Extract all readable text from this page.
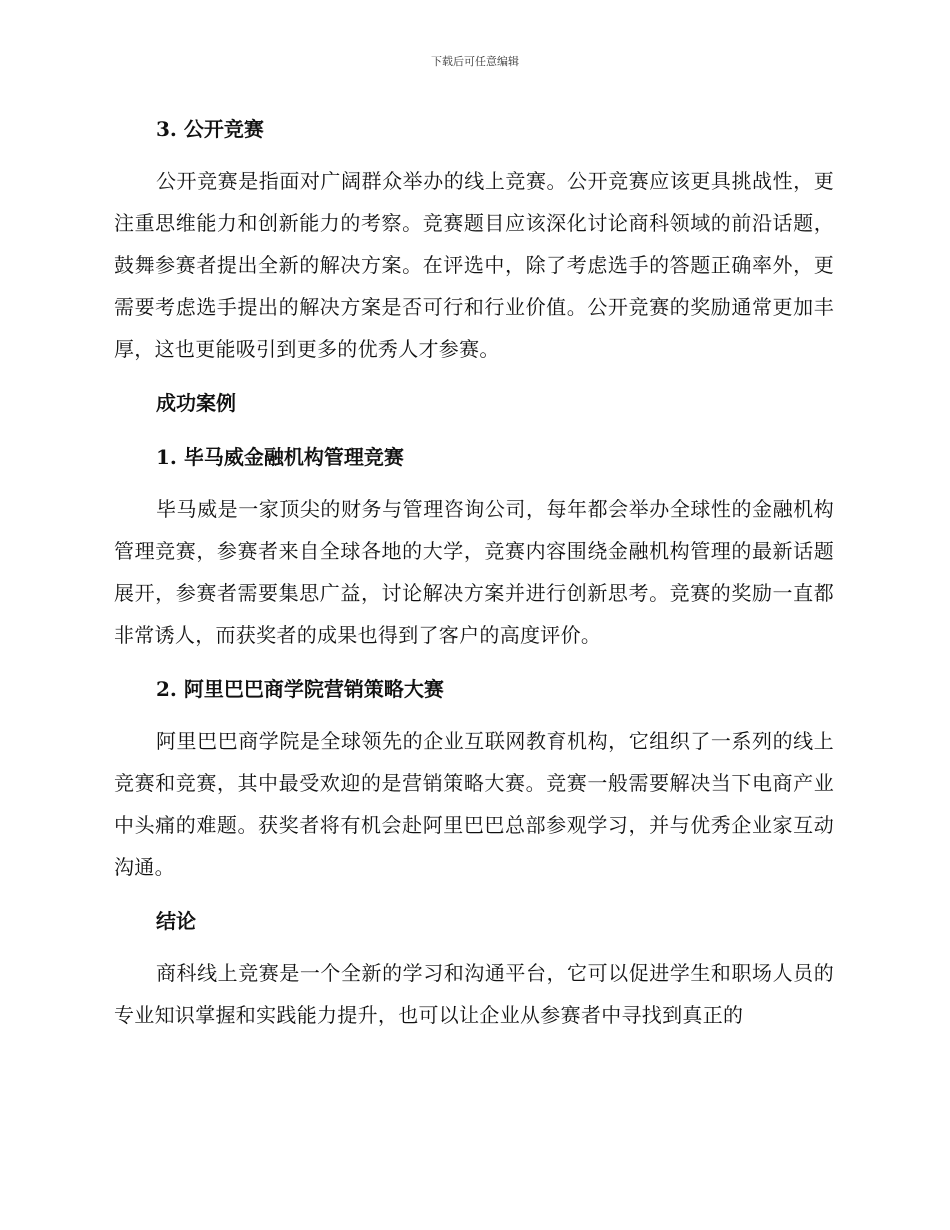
下载后可任意编辑
3. 公开竞赛

公开竞赛是指面对广阔群众举办的线上竞赛。公开竞赛应该更具挑战性，更注重思维能力和创新能力的考察。竞赛题目应该深化讨论商科领域的前沿话题，鼓舞参赛者提出全新的解决方案。在评选中，除了考虑选手的答题正确率外，更需要考虑选手提出的解决方案是否可行和行业价值。公开竞赛的奖励通常更加丰厚，这也更能吸引到更多的优秀人才参赛。

成功案例
1. 毕马威金融机构管理竞赛

毕马威是一家顶尖的财务与管理咨询公司，每年都会举办全球性的金融机构管理竞赛，参赛者来自全球各地的大学，竞赛内容围绕金融机构管理的最新话题展开，参赛者需要集思广益，讨论解决方案并进行创新思考。竞赛的奖励一直都非常诱人，而获奖者的成果也得到了客户的高度评价。

2. 阿里巴巴商学院营销策略大赛

阿里巴巴商学院是全球领先的企业互联网教育机构，它组织了一系列的线上竞赛和竞赛，其中最受欢迎的是营销策略大赛。竞赛一般需要解决当下电商产业中头痛的难题。获奖者将有机会赴阿里巴巴总部参观学习，并与优秀企业家互动沟通。

结论

商科线上竞赛是一个全新的学习和沟通平台，它可以促进学生和职场人员的专业知识掌握和实践能力提升，也可以让企业从参赛者中寻找到真正的
